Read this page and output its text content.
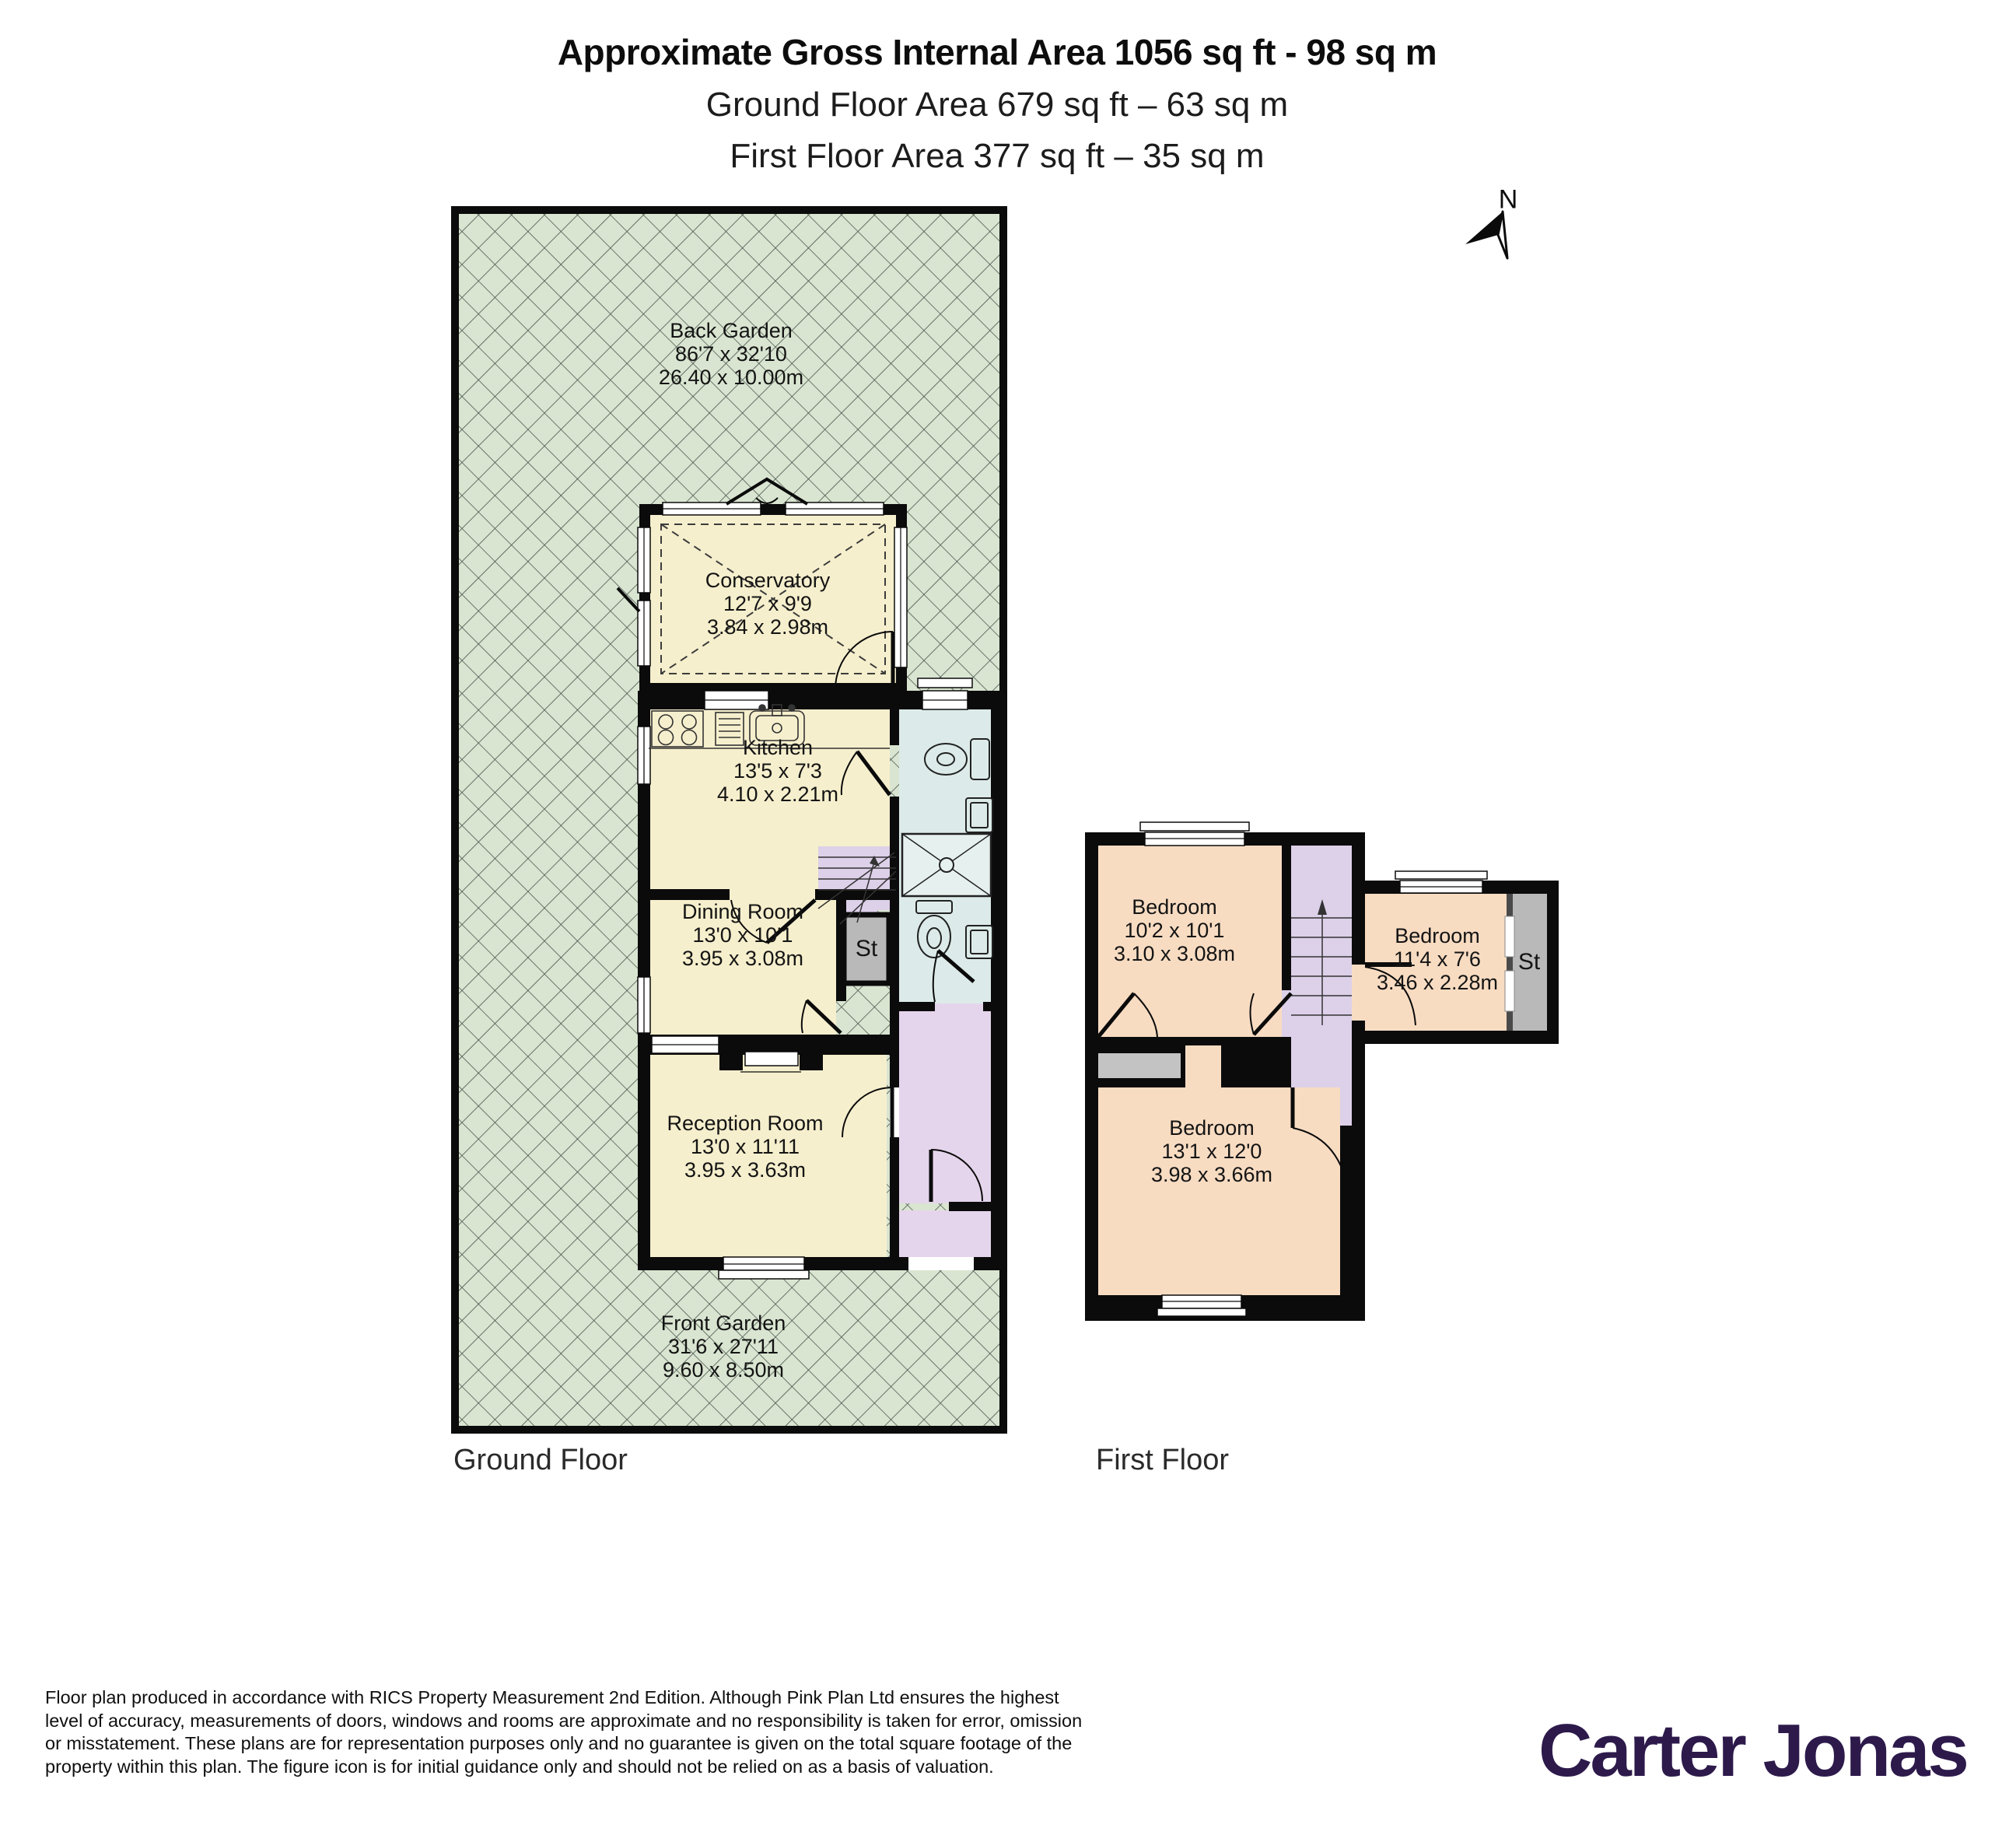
Approximate Gross Internal Area 1056 sq ft - 98 sq m
Ground Floor Area 679 sq ft – 63 sq m
First Floor Area 377 sq ft – 35 sq m
N
Back Garden
86'7 x 32'10
26.40 x 10.00m
Conservatory
12'7 x 9'9
3.84 x 2.98m
Kitchen
13'5 x 7'3
4.10 x 2.21m
Dining Room
13'0 x 10'1
3.95 x 3.08m
Reception Room
13'0 x 11'11
3.95 x 3.63m
Front Garden
31'6 x 27'11
9.60 x 8.50m
St
Bedroom
10'2 x 10'1
3.10 x 3.08m
Bedroom
11'4 x 7'6
3.46 x 2.28m
Bedroom
13'1 x 12'0
3.98 x 3.66m
St
Ground Floor	First Floor
Floor plan produced in accordance with RICS Property Measurement 2nd Edition. Although Pink Plan Ltd ensures the highest
level of accuracy, measurements of doors, windows and rooms are approximate and no responsibility is taken for error, omission
or misstatement. These plans are for representation purposes only and no guarantee is given on the total square footage of the
property within this plan. The figure icon is for initial guidance only and should not be relied on as a basis of valuation.	Carter Jonas
